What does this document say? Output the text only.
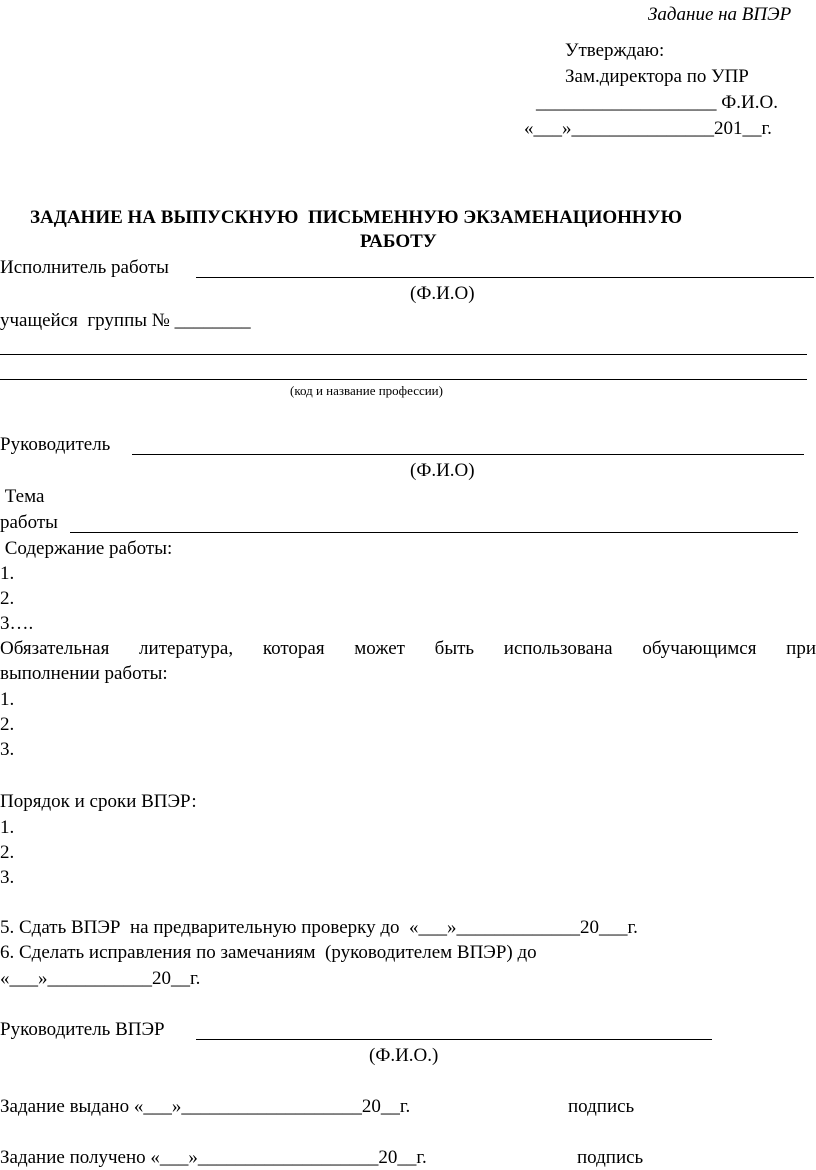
Задание на ВПЭР
Утверждаю:
Зам.директора по УПР
___________________ Ф.И.О.
«___»_______________201__г.
ЗАДАНИЕ НА ВЫПУСКНУЮ  ПИСЬМЕННУЮ ЭКЗАМЕНАЦИОННУЮ
РАБОТУ
Исполнитель работы
(Ф.И.О)
учащейся  группы № ________
(код и название профессии)
Руководитель
(Ф.И.О)
Тема
работы
Содержание работы:
1.
2.
3….
Обязательная литература, которая может быть использована обучающимся при
выполнении работы:
1.
2.
3.
Порядок и сроки ВПЭР:
1.
2.
3.
5. Сдать ВПЭР  на предварительную проверку до  «___»_____________20___г.
6. Сделать исправления по замечаниям  (руководителем ВПЭР) до
«___»___________20__г.
Руководитель ВПЭР
(Ф.И.О.)
Задание выдано «___»___________________20__г.	подпись
Задание получено «___»___________________20__г.	подпись
